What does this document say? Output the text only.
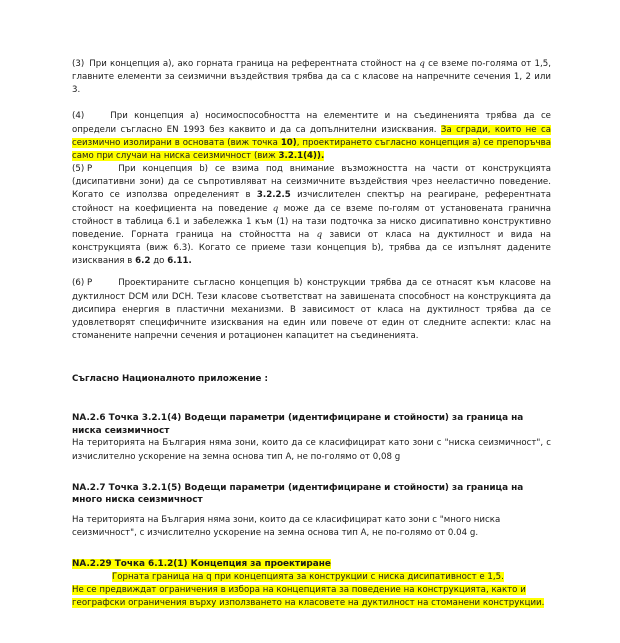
(3) При концепция а), ако горната граница на референтната стойност на q се вземе по-голяма от 1,5, главните елементи за сеизмични въздействия трябва да са с класове на напречните сечения 1, 2 или 3.

(4)	При концепция а) носимоспособността на елементите и на съединенията трябва да се определи съгласно EN 1993 без каквито и да са допълнителни изисквания. За сгради, които не са сеизмично изолирани в основата (виж точка 10), проектирането съгласно концепция а) се препоръчва само при случаи на ниска сеизмичност (виж 3.2.1(4)).

(5) P	При концепция b) се взима под внимание възможността на части от конструкцията (дисипативни зони) да се съпротивляват на сеизмичните въздействия чрез нееластично поведение. Когато се използва определеният в 3.2.2.5 изчислителен спектър на реагиране, референтната стойност на коефициента на поведение q може да се вземе по-голям от установената гранична стойност в таблица 6.1 и забележка 1 към (1) на тази подточка за ниско дисипативно конструктивно поведение. Горната граница на стойността на q зависи от класа на дуктилност и вида на конструкцията (виж 6.3). Когато се приеме тази концепция b), трябва да се изпълнят дадените изисквания в 6.2 до 6.11.

(6) P	Проектираните съгласно концепция b) конструкции трябва да се отнасят към класове на дуктилност DCM или DCH. Тези класове съответстват на завишената способност на конструкцията да дисипира енергия в пластични механизми. В зависимост от класа на дуктилност трябва да се удовлетворят специфичните изисквания на един или повече от един от следните аспекти: клас на стоманените напречни сечения и ротационен капацитет на съединенията.

Съгласно Националното приложение :

NA.2.6 Точка 3.2.1(4) Водещи параметри (идентифициране и стойности) за граница на ниска сеизмичност

На територията на България няма зони, които да се класифицират като зони с "ниска сеизмичност", с изчислително ускорение на земна основа тип А, не по-голямо от 0,08 g

NA.2.7 Точка 3.2.1(5) Водещи параметри (идентифициране и стойности) за граница на много ниска сеизмичност

На територията на България няма зони, които да се класифицират като зони с "много ниска сеизмичност", с изчислително ускорение на земна основа тип А, не по-голямо от 0.04 g.

NA.2.29 Точка 6.1.2(1) Концепция за проектиране

Горната граница на q при концепцията за конструкции с ниска дисипативност е 1,5.
Не се предвиждат ограничения в избора на концепцията за поведение на конструкцията, както и географски ограничения върху използването на класовете на дуктилност на стоманени конструкции.
